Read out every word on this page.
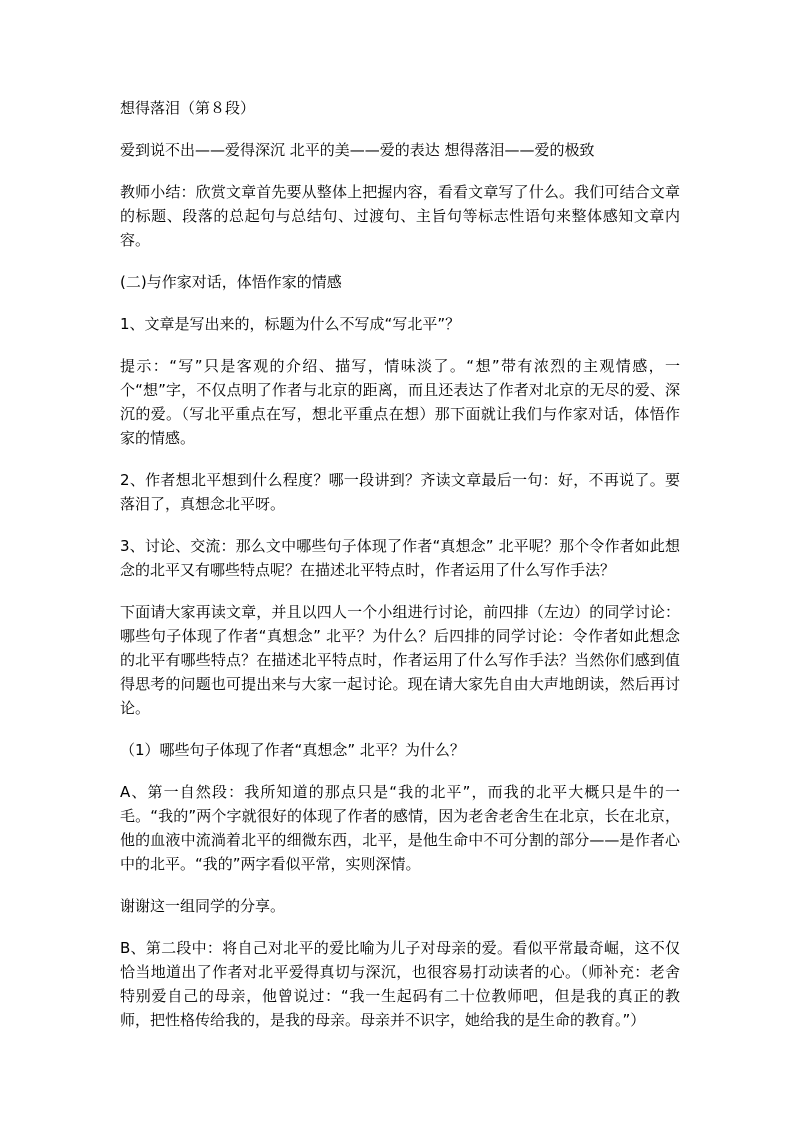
想得落泪（第８段）

爱到说不出——爱得深沉 北平的美——爱的表达 想得落泪——爱的极致

教师小结：欣赏文章首先要从整体上把握内容，看看文章写了什么。我们可结合文章的标题、段落的总起句与总结句、过渡句、主旨句等标志性语句来整体感知文章内容。

(二)与作家对话，体悟作家的情感

1、文章是写出来的，标题为什么不写成“写北平”？

提示：“写”只是客观的介绍、描写，情味淡了。“想”带有浓烈的主观情感，一个“想”字，不仅点明了作者与北京的距离，而且还表达了作者对北京的无尽的爱、深沉的爱。（写北平重点在写，想北平重点在想）那下面就让我们与作家对话，体悟作家的情感。

2、作者想北平想到什么程度？哪一段讲到？齐读文章最后一句：好，不再说了。要落泪了，真想念北平呀。

3、讨论、交流：那么文中哪些句子体现了作者“真想念” 北平呢？那个令作者如此想念的北平又有哪些特点呢？在描述北平特点时，作者运用了什么写作手法？

下面请大家再读文章，并且以四人一个小组进行讨论，前四排（左边）的同学讨论：哪些句子体现了作者“真想念” 北平？为什么？后四排的同学讨论：令作者如此想念的北平有哪些特点？在描述北平特点时，作者运用了什么写作手法？当然你们感到值得思考的问题也可提出来与大家一起讨论。现在请大家先自由大声地朗读，然后再讨论。

（1）哪些句子体现了作者“真想念” 北平？为什么？

A、第一自然段：我所知道的那点只是“我的北平”，而我的北平大概只是牛的一毛。“我的”两个字就很好的体现了作者的感情，因为老舍老舍生在北京，长在北京，他的血液中流淌着北平的细微东西，北平，是他生命中不可分割的部分——是作者心中的北平。“我的”两字看似平常，实则深情。

谢谢这一组同学的分享。

B、第二段中：将自己对北平的爱比喻为儿子对母亲的爱。看似平常最奇崛，这不仅恰当地道出了作者对北平爱得真切与深沉，也很容易打动读者的心。（师补充：老舍特别爱自己的母亲，他曾说过：“我一生起码有二十位教师吧，但是我的真正的教师，把性格传给我的，是我的母亲。母亲并不识字，她给我的是生命的教育。”）
